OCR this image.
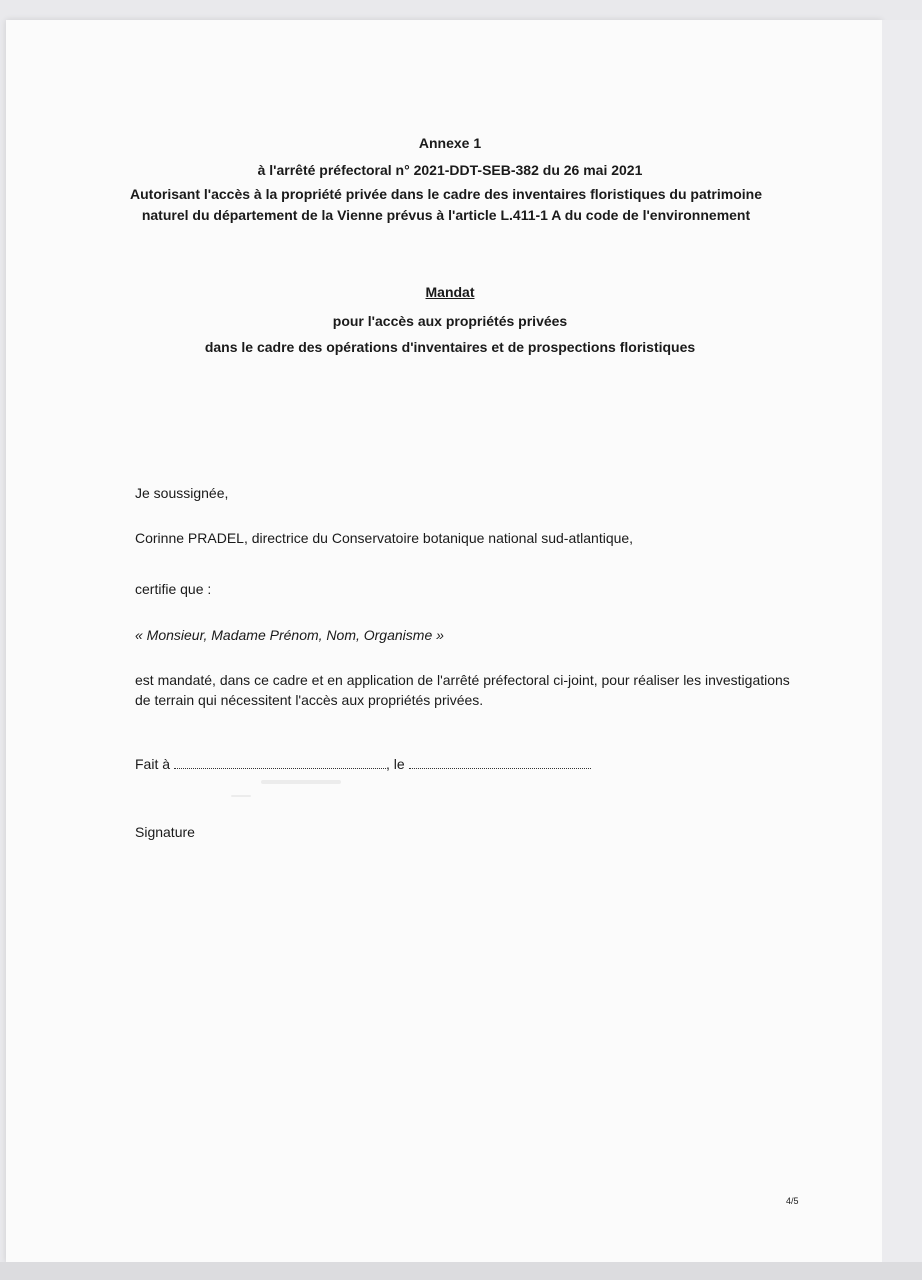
Annexe 1
à l'arrêté préfectoral n° 2021-DDT-SEB-382 du 26 mai 2021
Autorisant l'accès à la propriété privée dans le cadre des inventaires floristiques du patrimoine naturel du département de la Vienne prévus à l'article L.411-1 A du code de l'environnement
Mandat
pour l'accès aux propriétés privées
dans le cadre des opérations d'inventaires et de prospections floristiques
Je soussignée,
Corinne PRADEL, directrice du Conservatoire botanique national sud-atlantique,
certifie que :
« Monsieur, Madame Prénom, Nom, Organisme »
est mandaté, dans ce cadre et en application de l'arrêté préfectoral ci-joint, pour réaliser les investigations de terrain qui nécessitent l'accès aux propriétés privées.
Fait à	, le
Signature
4/5
